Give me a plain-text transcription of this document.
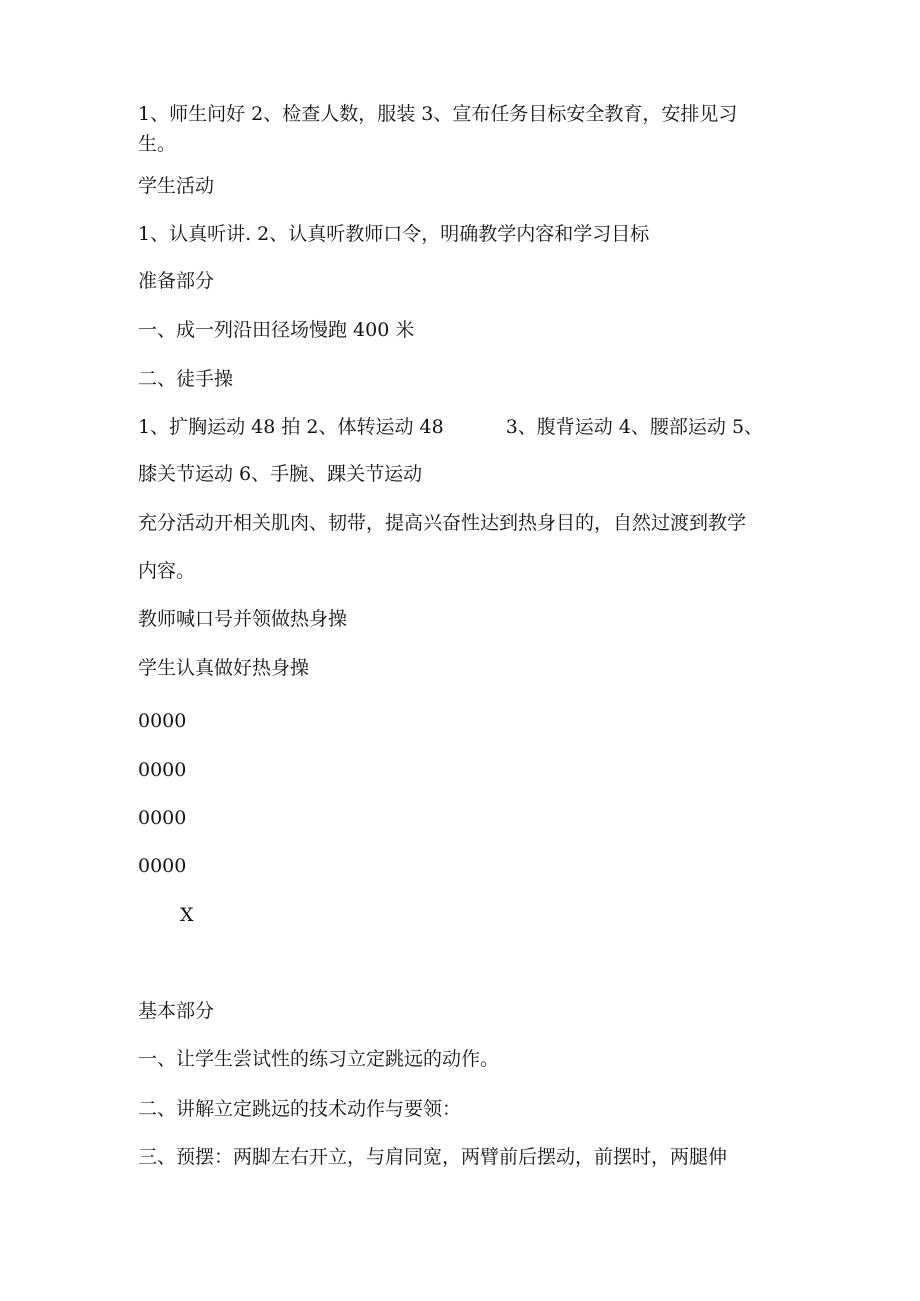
1、师生问好 2、检查人数，服装 3、宣布任务目标安全教育，安排见习
生。
学生活动
1、认真听讲. 2、认真听教师口令，明确教学内容和学习目标
准备部分
一、成一列沿田径场慢跑 400 米
二、徒手操
1、扩胸运动 48 拍 2、体转运动 48	3、腹背运动 4、腰部运动 5、
膝关节运动 6、手腕、踝关节运动
充分活动开相关肌肉、韧带，提高兴奋性达到热身目的，自然过渡到教学
内容。
教师喊口号并领做热身操
学生认真做好热身操
0000
0000
0000
0000
X
基本部分
一、让学生尝试性的练习立定跳远的动作。
二、讲解立定跳远的技术动作与要领：
三、预摆：两脚左右开立，与肩同宽，两臂前后摆动，前摆时，两腿伸
